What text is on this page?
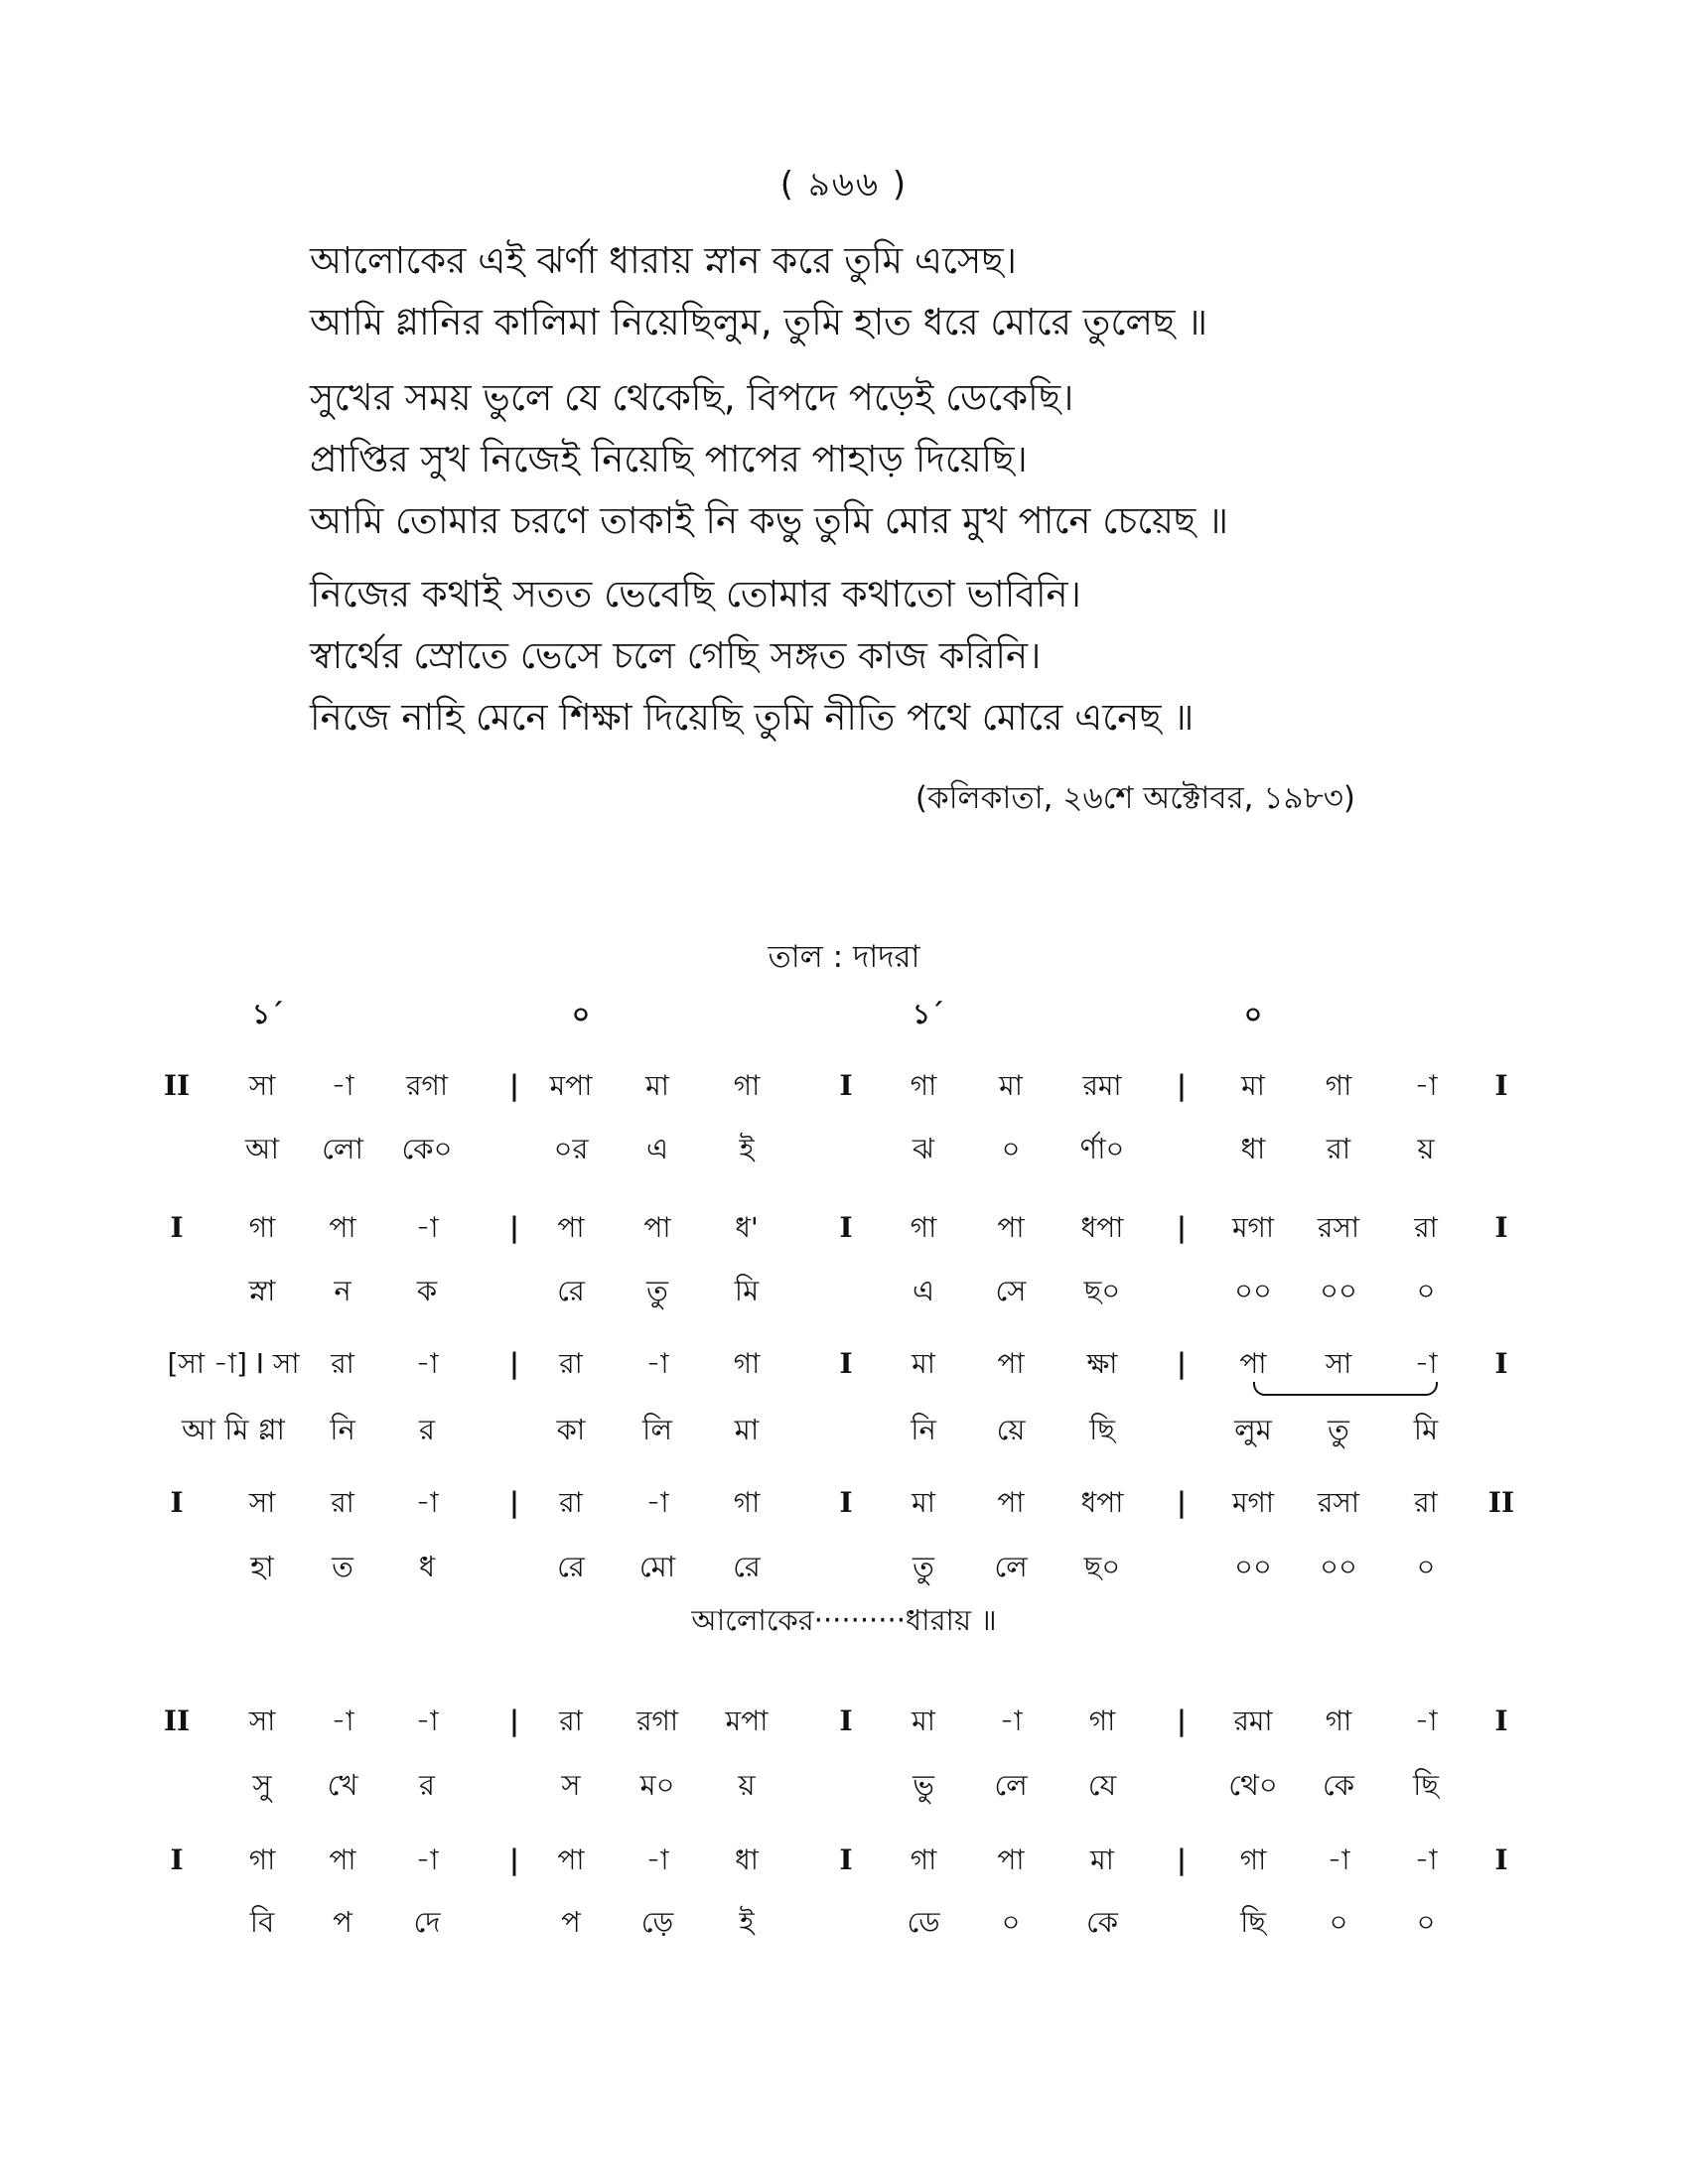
( ৯৬৬ )
আলোকের এই ঝর্ণা ধারায় স্নান করে তুমি এসেছ।
আমি গ্লানির কালিমা নিয়েছিলুম, তুমি হাত ধরে মোরে তুলেছ ॥
সুখের সময় ভুলে যে থেকেছি, বিপদে পড়েই ডেকেছি।
প্রাপ্তির সুখ নিজেই নিয়েছি পাপের পাহাড় দিয়েছি।
আমি তোমার চরণে তাকাই নি কভু তুমি মোর মুখ পানে চেয়েছ ॥
নিজের কথাই সতত ভেবেছি তোমার কথাতো ভাবিনি।
স্বার্থের স্রোতে ভেসে চলে গেছি সঙ্গত কাজ করিনি।
নিজে নাহি মেনে শিক্ষা দিয়েছি তুমি নীতি পথে মোরে এনেছ ॥
(কলিকাতা, ২৬শে অক্টোবর, ১৯৮৩)
তাল : দাদরা
১´	০	১´	০
II সা -া রগা | মপা মা গা	I গা মা রমা | মা গা -া I
আ লো কে০	০র এ ই	ঝ ০ র্ণা০	ধা রা য়
I গা পা -া	| পা পা ধ'	I গা পা ধপা | মগা রসা রা I
স্না ন ক	রে তু মি	এ সে ছ০	০০ ০০ ০
[সা -া] I সা রা -া	| রা -া গা	I মা পা ক্ষা | পা সা -া I
আ মি গ্লা নি র	কা লি মা	নি য়ে ছি	লুম তু মি
I সা রা -া	| রা -া গা	I মা পা ধপা | মগা রসা রা II
হা ত ধ	রে মো রে	তু লে ছ০	০০ ০০ ০
II সা -া -া	| রা রগা মপা	I মা -া গা | রমা গা -া I
সু খে র	স ম০ য়	ভু লে যে	থে০ কে ছি
I গা পা -া	| পা -া ধা	I গা পা মা | গা -া -া I
বি প দে	প ড়ে ই	ডে ০ কে	ছি ০ ০
আলোকের··········ধারায় ॥
